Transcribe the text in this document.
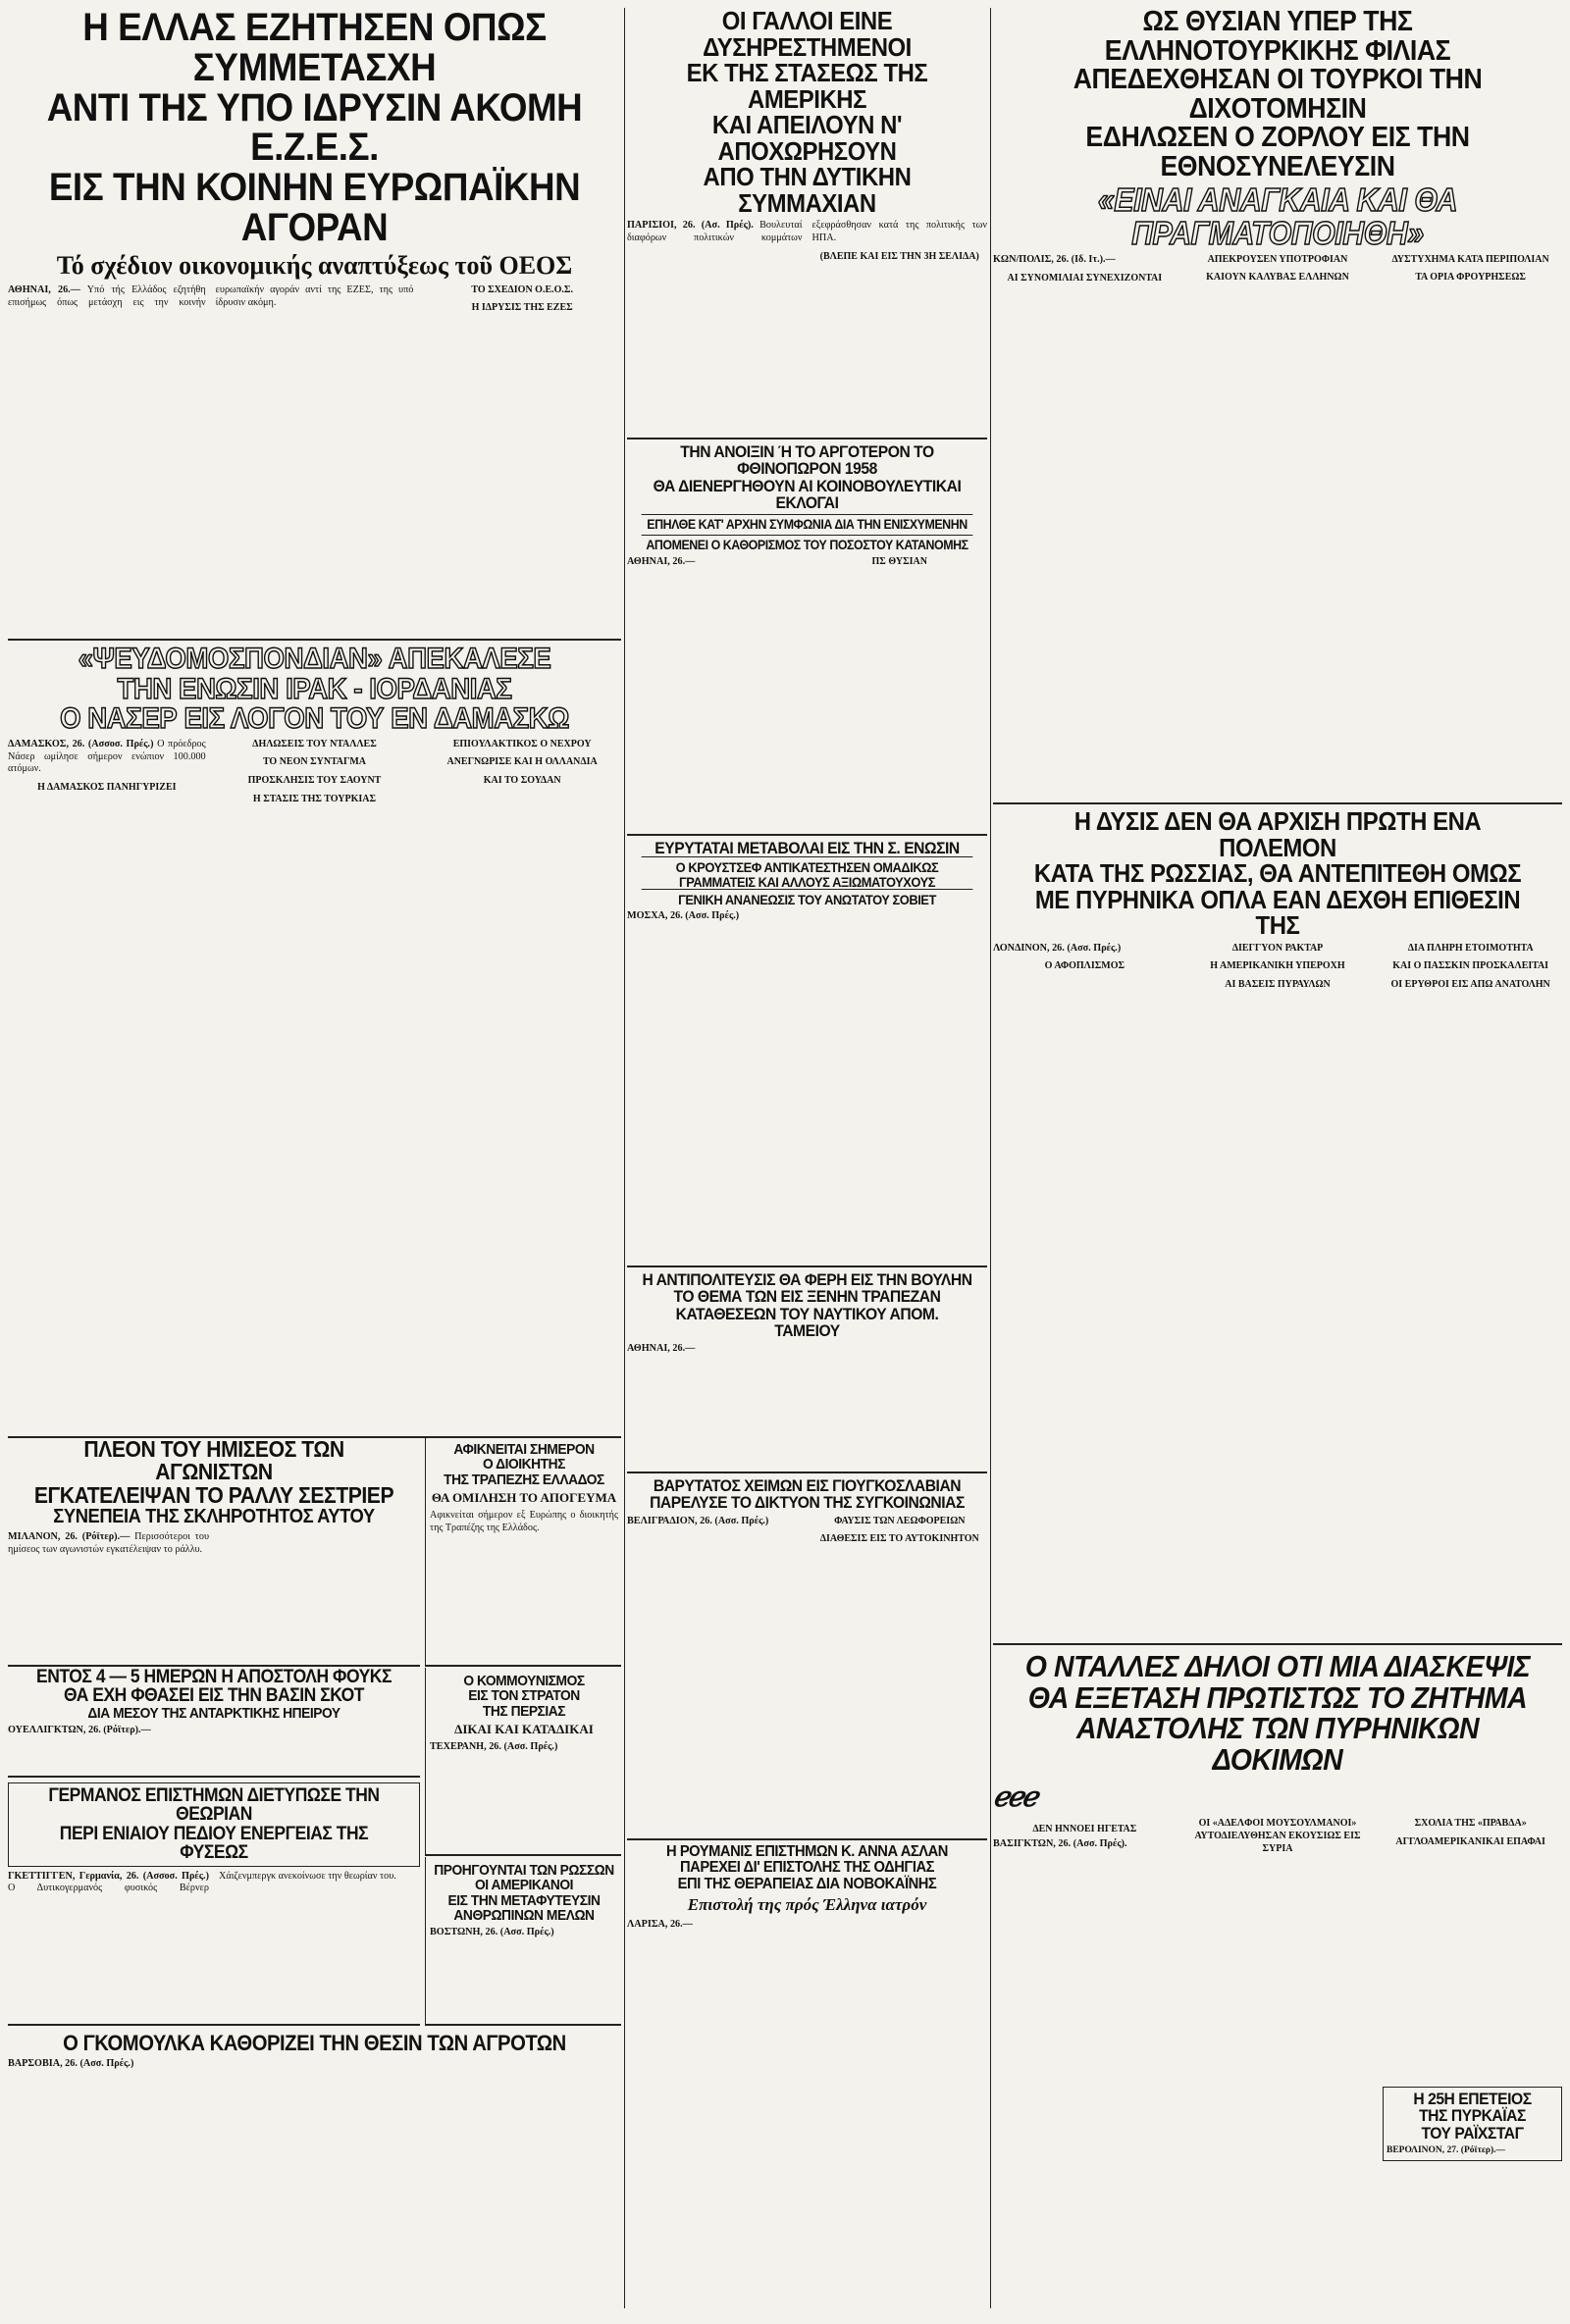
Η ΕΛΛΑΣ ΕΖΗΤΗΣΕΝ ΟΠΩΣ ΣΥΜΜΕΤΑΣΧΗ
ΑΝΤΙ ΤΗΣ ΥΠΟ ΙΔΡΥΣΙΝ ΑΚΟΜΗ Ε.Ζ.Ε.Σ.
ΕΙΣ ΤΗΝ ΚΟΙΝΗΝ ΕΥΡΩΠΑΪΚΗΝ ΑΓΟΡΑΝ
Τό σχέδιον οικονομικής αναπτύξεως τοῦ ΟΕΟΣ

ΑΘΗΝΑΙ, 26.— Υπό τής Ελλάδος εζητήθη επισήμως όπως μετάσχη εις την κοινήν ευρωπαϊκήν αγοράν αντί της ΕΖΕΣ, της υπό ίδρυσιν ακόμη.

ΤΟ ΣΧΕΔΙΟΝ Ο.Ε.Ο.Σ.

Η ΙΔΡΥΣΙΣ ΤΗΣ ΕΖΕΣ

«ΨΕΥΔΟΜΟΣΠΟΝΔΙΑΝ» ΑΠΕΚΑΛΕΣΕ
ΤΗΝ ΕΝΩΣΙΝ ΙΡΑΚ - ΙΟΡΔΑΝΙΑΣ
Ο ΝΑΣΕΡ ΕΙΣ ΛΟΓΟΝ ΤΟΥ ΕΝ ΔΑΜΑΣΚΩ

ΔΑΜΑΣΚΟΣ, 26. (Ασσοσ. Πρές.) Ο πρόεδρος Νάσερ ωμίλησε σήμερον ενώπιον 100.000 ατόμων.

Η ΔΑΜΑΣΚΟΣ ΠΑΝΗΓΥΡΙΖΕΙ

ΔΗΛΩΣΕΙΣ ΤΟΥ ΝΤΑΛΛΕΣ

ΤΟ ΝΕΟΝ ΣΥΝΤΑΓΜΑ

ΠΡΟΣΚΛΗΣΙΣ ΤΟΥ ΣΑΟΥΝΤ

Η ΣΤΑΣΙΣ ΤΗΣ ΤΟΥΡΚΙΑΣ

ΕΠΙΟΥΛΑΚΤΙΚΟΣ Ο ΝΕΧΡΟΥ

ΑΝΕΓΝΩΡΙΣΕ ΚΑΙ Η ΟΛΛΑΝΔΙΑ

ΚΑΙ ΤΟ ΣΟΥΔΑΝ

ΠΛΕΟΝ ΤΟΥ ΗΜΙΣΕΟΣ ΤΩΝ ΑΓΩΝΙΣΤΩΝ
ΕΓΚΑΤΕΛΕΙΨΑΝ ΤΟ ΡΑΛΛΥ ΣΕΣΤΡΙΕΡ
ΣΥΝΕΠΕΙΑ ΤΗΣ ΣΚΛΗΡΟΤΗΤΟΣ ΑΥΤΟΥ

ΜΙΛΑΝΟΝ, 26. (Ρόϊτερ).— Περισσότεροι του ημίσεος των αγωνιστών εγκατέλειψαν το ράλλυ.

ΑΦΙΚΝΕΙΤΑΙ ΣΗΜΕΡΟΝ
Ο ΔΙΟΙΚΗΤΗΣ
ΤΗΣ ΤΡΑΠΕΖΗΣ ΕΛΛΑΔΟΣ
ΘΑ ΟΜΙΛΗΣΗ ΤΟ ΑΠΟΓΕΥΜΑ

Αφικνείται σήμερον εξ Ευρώπης ο διοικητής της Τραπέζης της Ελλάδος.

ΕΝΤΟΣ 4 — 5 ΗΜΕΡΩΝ Η ΑΠΟΣΤΟΛΗ ΦΟΥΚΣ
ΘΑ ΕΧΗ ΦΘΑΣΕΙ ΕΙΣ ΤΗΝ ΒΑΣΙΝ ΣΚΟΤ
ΔΙΑ ΜΕΣΟΥ ΤΗΣ ΑΝΤΑΡΚΤΙΚΗΣ ΗΠΕΙΡΟΥ

ΟΥΕΛΛΙΓΚΤΩΝ, 26. (Ρόϊτερ).—

ΓΕΡΜΑΝΟΣ ΕΠΙΣΤΗΜΩΝ ΔΙΕΤΥΠΩΣΕ ΤΗΝ ΘΕΩΡΙΑΝ
ΠΕΡΙ ΕΝΙΑΙΟΥ ΠΕΔΙΟΥ ΕΝΕΡΓΕΙΑΣ ΤΗΣ ΦΥΣΕΩΣ

ΓΚΕΤΤΙΓΓΕΝ, Γερμανία, 26. (Ασσοσ. Πρές.) Ο Δυτικογερμανός φυσικός Βέρνερ Χάιζενμπεργκ ανεκοίνωσε την θεωρίαν του.

Ο ΚΟΜΜΟΥΝΙΣΜΟΣ
ΕΙΣ ΤΟΝ ΣΤΡΑΤΟΝ
ΤΗΣ ΠΕΡΣΙΑΣ
ΔΙΚΑΙ ΚΑΙ ΚΑΤΑΔΙΚΑΙ

ΤΕΧΕΡΑΝΗ, 26. (Ασσ. Πρές.)

ΠΡΟΗΓΟΥΝΤΑΙ ΤΩΝ ΡΩΣΣΩΝ
ΟΙ ΑΜΕΡΙΚΑΝΟΙ
ΕΙΣ ΤΗΝ ΜΕΤΑΦΥΤΕΥΣΙΝ
ΑΝΘΡΩΠΙΝΩΝ ΜΕΛΩΝ

ΒΟΣΤΩΝΗ, 26. (Ασσ. Πρές.)

Ο ΓΚΟΜΟΥΛΚΑ ΚΑΘΟΡΙΖΕΙ ΤΗΝ ΘΕΣΙΝ ΤΩΝ ΑΓΡΟΤΩΝ

ΒΑΡΣΟΒΙΑ, 26. (Ασσ. Πρές.)

ΟΙ ΓΑΛΛΟΙ ΕΙΝΕ ΔΥΣΗΡΕΣΤΗΜΕΝΟΙ
ΕΚ ΤΗΣ ΣΤΑΣΕΩΣ ΤΗΣ ΑΜΕΡΙΚΗΣ
ΚΑΙ ΑΠΕΙΛΟΥΝ Ν' ΑΠΟΧΩΡΗΣΟΥΝ
ΑΠΟ ΤΗΝ ΔΥΤΙΚΗΝ ΣΥΜΜΑΧΙΑΝ

ΠΑΡΙΣΙΟΙ, 26. (Ασ. Πρές). Βουλευταί διαφόρων πολιτικών κομμάτων εξεφράσθησαν κατά της πολιτικής των ΗΠΑ.

(ΒΛΕΠΕ ΚΑΙ ΕΙΣ ΤΗΝ 3Η ΣΕΛΙΔΑ)

ΤΗΝ ΑΝΟΙΞΙΝ Ή ΤΟ ΑΡΓΟΤΕΡΟΝ ΤΟ ΦΘΙΝΟΠΩΡΟΝ 1958
ΘΑ ΔΙΕΝΕΡΓΗΘΟΥΝ ΑΙ ΚΟΙΝΟΒΟΥΛΕΥΤΙΚΑΙ ΕΚΛΟΓΑΙ
ΕΠΗΛΘΕ ΚΑΤ' ΑΡΧΗΝ ΣΥΜΦΩΝΙΑ ΔΙΑ ΤΗΝ ΕΝΙΣΧΥΜΕΝΗΝ
ΑΠΟΜΕΝΕΙ Ο ΚΑΘΟΡΙΣΜΟΣ ΤΟΥ ΠΟΣΟΣΤΟΥ ΚΑΤΑΝΟΜΗΣ

ΑΘΗΝΑΙ, 26.—	ΠΣ ΘΥΣΙΑΝ

ΕΥΡΥΤΑΤΑΙ ΜΕΤΑΒΟΛΑΙ ΕΙΣ ΤΗΝ Σ. ΕΝΩΣΙΝ
Ο ΚΡΟΥΣΤΣΕΦ ΑΝΤΙΚΑΤΕΣΤΗΣΕΝ ΟΜΑΔΙΚΩΣ ΓΡΑΜΜΑΤΕΙΣ ΚΑΙ ΑΛΛΟΥΣ ΑΞΙΩΜΑΤΟΥΧΟΥΣ
ΓΕΝΙΚΗ ΑΝΑΝΕΩΣΙΣ ΤΟΥ ΑΝΩΤΑΤΟΥ ΣΟΒΙΕΤ

ΜΟΣΧΑ, 26. (Ασσ. Πρές.)

Η ΑΝΤΙΠΟΛΙΤΕΥΣΙΣ ΘΑ ΦΕΡΗ ΕΙΣ ΤΗΝ ΒΟΥΛΗΝ
ΤΟ ΘΕΜΑ ΤΩΝ ΕΙΣ ΞΕΝΗΝ ΤΡΑΠΕΖΑΝ
ΚΑΤΑΘΕΣΕΩΝ ΤΟΥ ΝΑΥΤΙΚΟΥ ΑΠΟΜ. ΤΑΜΕΙΟΥ

ΑΘΗΝΑΙ, 26.—

ΒΑΡΥΤΑΤΟΣ ΧΕΙΜΩΝ ΕΙΣ ΓΙΟΥΓΚΟΣΛΑΒΙΑΝ
ΠΑΡΕΛΥΣΕ ΤΟ ΔΙΚΤΥΟΝ ΤΗΣ ΣΥΓΚΟΙΝΩΝΙΑΣ

ΒΕΛΙΓΡΑΔΙΟΝ, 26. (Ασσ. Πρές.)	ΦΑΥΣΙΣ ΤΩΝ ΛΕΩΦΟΡΕΙΩΝ

ΔΙΑΘΕΣΙΣ ΕΙΣ ΤΟ ΑΥΤΟΚΙΝΗΤΟΝ

Η ΡΟΥΜΑΝΙΣ ΕΠΙΣΤΗΜΩΝ Κ. ΑΝΝΑ ΑΣΛΑΝ
ΠΑΡΕΧΕΙ ΔΙ' ΕΠΙΣΤΟΛΗΣ ΤΗΣ ΟΔΗΓΙΑΣ
ΕΠΙ ΤΗΣ ΘΕΡΑΠΕΙΑΣ ΔΙΑ ΝΟΒΟΚΑΪΝΗΣ
Επιστολή της πρός Έλληνα ιατρόν

ΛΑΡΙΣΑ, 26.—

ΩΣ ΘΥΣΙΑΝ ΥΠΕΡ ΤΗΣ ΕΛΛΗΝΟΤΟΥΡΚΙΚΗΣ ΦΙΛΙΑΣ
ΑΠΕΔΕΧΘΗΣΑΝ ΟΙ ΤΟΥΡΚΟΙ ΤΗΝ ΔΙΧΟΤΟΜΗΣΙΝ
ΕΔΗΛΩΣΕΝ Ο ΖΟΡΛΟΥ ΕΙΣ ΤΗΝ ΕΘΝΟΣΥΝΕΛΕΥΣΙΝ
«ΕΙΝΑΙ ΑΝΑΓΚΑΙΑ ΚΑΙ ΘΑ ΠΡΑΓΜΑΤΟΠΟΙΗΘΗ»

ΚΩΝ/ΠΟΛΙΣ, 26. (Ιδ. Ιτ.).—

ΑΙ ΣΥΝΟΜΙΛΙΑΙ ΣΥΝΕΧΙΖΟΝΤΑΙ

ΑΠΕΚΡΟΥΣΕΝ ΥΠΟΤΡΟΦΙΑΝ

ΚΑΙΟΥΝ ΚΑΛΥΒΑΣ ΕΛΛΗΝΩΝ

ΔΥΣΤΥΧΗΜΑ ΚΑΤΑ ΠΕΡΙΠΟΛΙΑΝ

ΤΑ ΟΡΙΑ ΦΡΟΥΡΗΣΕΩΣ

Η ΔΥΣΙΣ ΔΕΝ ΘΑ ΑΡΧΙΣΗ ΠΡΩΤΗ ΕΝΑ ΠΟΛΕΜΟΝ
ΚΑΤΑ ΤΗΣ ΡΩΣΣΙΑΣ, ΘΑ ΑΝΤΕΠΙΤΕΘΗ ΟΜΩΣ
ΜΕ ΠΥΡΗΝΙΚΑ ΟΠΛΑ ΕΑΝ ΔΕΧΘΗ ΕΠΙΘΕΣΙΝ ΤΗΣ

ΛΟΝΔΙΝΟΝ, 26. (Ασσ. Πρές.)

Ο ΑΦΟΠΛΙΣΜΟΣ

ΔΙΕΓΓΥΟΝ ΡΑΚΤΑΡ

Η ΑΜΕΡΙΚΑΝΙΚΗ ΥΠΕΡΟΧΗ

ΑΙ ΒΑΣΕΙΣ ΠΥΡΑΥΛΩΝ

ΔΙΑ ΠΛΗΡΗ ΕΤΟΙΜΟΤΗΤΑ

ΚΑΙ Ο ΠΑΣΣΚΙΝ ΠΡΟΣΚΑΛΕΙΤΑΙ

ΟΙ ΕΡΥΘΡΟΙ ΕΙΣ ΑΠΩ ΑΝΑΤΟΛΗΝ

Ο ΝΤΑΛΛΕΣ ΔΗΛΟΙ ΟΤΙ ΜΙΑ ΔΙΑΣΚΕΨΙΣ
ΘΑ ΕΞΕΤΑΣΗ ΠΡΩΤΙΣΤΩΣ ΤΟ ΖΗΤΗΜΑ
ΑΝΑΣΤΟΛΗΣ ΤΩΝ ΠΥΡΗΝΙΚΩΝ ΔΟΚΙΜΩΝ
ℯℯℯ

ΔΕΝ ΗΝΝΟΕΙ ΗΓΕΤΑΣ

ΒΑΣΙΓΚΤΩΝ, 26. (Ασσ. Πρές).

ΟΙ «ΑΔΕΛΦΟΙ ΜΟΥΣΟΥΛΜΑΝΟΙ» ΑΥΤΟΔΙΕΛΥΘΗΣΑΝ ΕΚΟΥΣΙΩΣ ΕΙΣ ΣΥΡΙΑ

ΣΧΟΛΙΑ ΤΗΣ «ΠΡΑΒΔΑ»

ΑΓΓΛΟΑΜΕΡΙΚΑΝΙΚΑΙ ΕΠΑΦΑΙ

Η 25Η ΕΠΕΤΕΙΟΣ
ΤΗΣ ΠΥΡΚΑΪΑΣ
ΤΟΥ ΡΑΪΧΣΤΑΓ

ΒΕΡΟΛΙΝΟΝ, 27. (Ρόϊτερ).—
